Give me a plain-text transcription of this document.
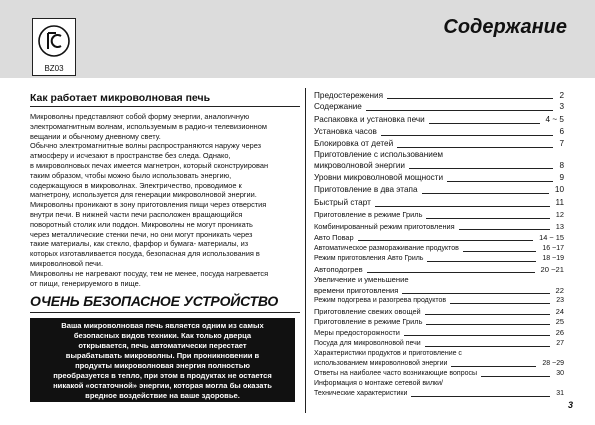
BZ03
Содержание
Как работает микроволновая печь
Микроволны представляют собой форму энергии, аналогичную
электромагнитным волнам, используемым в радио-и телевизионном
вещании и обычному дневному свету.
Обычно электромагнитные волны распространяются наружу через
атмосферу и исчезают в пространстве без следа. Однако,
в микроволновых печах имеется магнетрон, который сконструирован
таким образом, чтобы можно было использовать энергию,
содержащуюся в микроволнах. Электричество, проводимое к
магнетрону, используется для генерации микроволновой энергии.
Микроволны проникают в зону приготовления пищи через отверстия
внутри печи. В нижней части печи расположен вращающийся
поворотный столик или поддон. Микроволны не могут проникать
через металлические стенки печи, но они могут проникать через
такие материалы, как стекло, фарфор и бумага- материалы, из
которых изготавливается посуда, безопасная для использования в
микроволновой печи.
Микроволны не нагревают посуду, тем не менее, посуда нагревается
от пищи, генерируемого в пище.
ОЧЕНЬ БЕЗОПАСНОЕ УСТРОЙСТВО
Ваша микроволновая печь является одним из самых
безопасных видов техники. Как только дверца
открывается, печь автоматически перестает
вырабатывать микроволны. При проникновении в
продукты микроволновая энергия полностью
преобразуется в тепло, при этом в продуктах не остается
никакой «остаточной» энергии, которая могла бы оказать
вредное воздействие на ваше здоровье.
Предостережения	2
Содержание	3
Распаковка и установка печи	4 ~ 5
Установка часов	6
Блокировка от детей	7
Приготовление с использованием
микроволновой энергии	8
Уровни микроволновой мощности	9
Приготовление в два этапа	10
Быстрый старт	11
Приготовление в режиме Гриль	12
Комбинированный режим приготовления	13
Авто Повар	14 ~ 15
Автоматическое размораживание продуктов	16 ~17
Режим приготовления Авто Гриль	18 ~19
Автоподогрев	20 ~21
Увеличение и уменьшение
времени приготовления	22
Режим подогрева и разогрева продуктов	23
Приготовление свежих овощей	24
Приготовление в режиме Гриль	25
Меры предосторожности	26
Посуда для микроволновой печи	27
Характеристики продуктов и приготовление с
использованием микроволновой энергии	28 ~29
Ответы на наиболее часто возникающие вопросы	30
Информация о монтаже сетевой вилки/
Технические характеристики	31
3
